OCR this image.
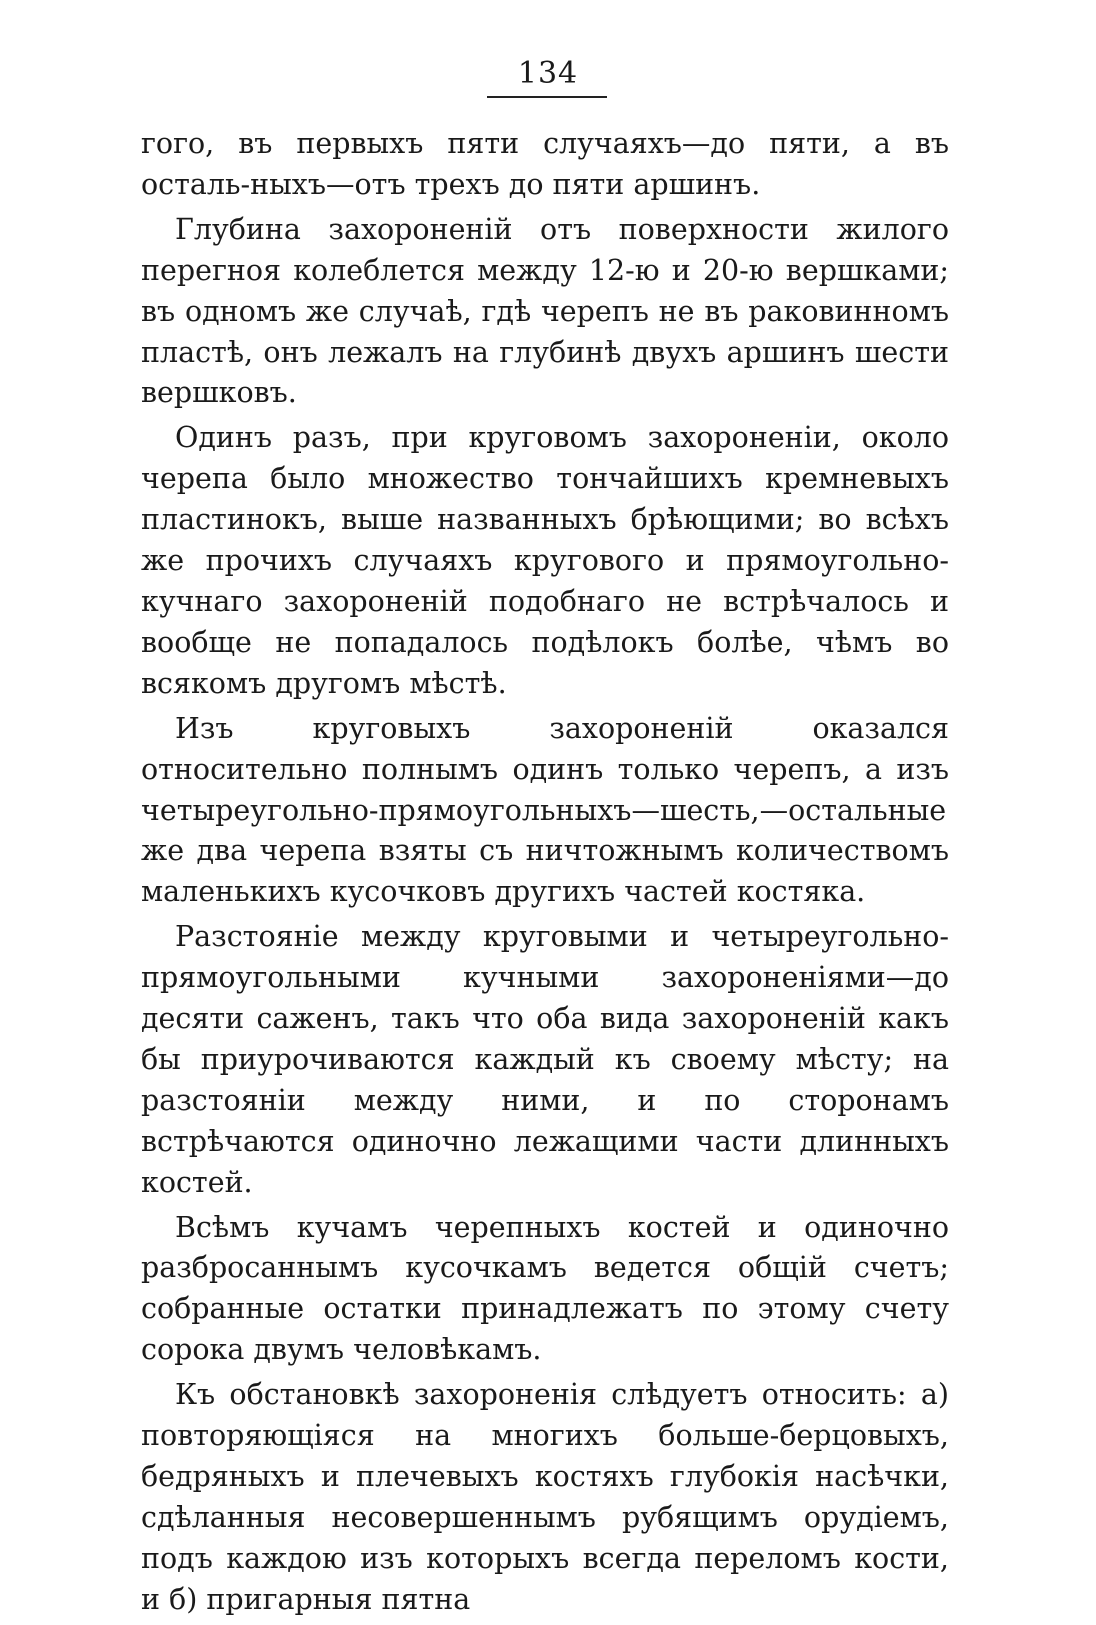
134

гого, въ первыхъ пяти случаяхъ—до пяти, а въ осталь-ныхъ—отъ трехъ до пяти аршинъ.

Глубина захороненій отъ поверхности жилого перегноя колеблется между 12-ю и 20-ю вершками; въ одномъ же случаѣ, гдѣ черепъ не въ раковинномъ пластѣ, онъ лежалъ на глубинѣ двухъ аршинъ шести вершковъ.

Одинъ разъ, при круговомъ захороненіи, около черепа было множество тончайшихъ кремневыхъ пластинокъ, выше названныхъ брѣющими; во всѣхъ же прочихъ случаяхъ кругового и прямоугольно-кучнаго захороненій подобнаго не встрѣчалось и вообще не попадалось подѣлокъ болѣе, чѣмъ во всякомъ другомъ мѣстѣ.

Изъ круговыхъ захороненій оказался относительно полнымъ одинъ только черепъ, а изъ четыреугольно-прямоугольныхъ—шесть,—остальные же два черепа взяты съ ничтожнымъ количествомъ маленькихъ кусочковъ другихъ частей костяка.

Разстояніе между круговыми и четыреугольно-прямоугольными кучными захороненіями—до десяти саженъ, такъ что оба вида захороненій какъ бы приурочиваются каждый къ своему мѣсту; на разстояніи между ними, и по сторонамъ встрѣчаются одиночно лежащими части длинныхъ костей.

Всѣмъ кучамъ черепныхъ костей и одиночно разбросаннымъ кусочкамъ ведется общій счетъ; собранные остатки принадлежатъ по этому счету сорока двумъ человѣкамъ.

Къ обстановкѣ захороненія слѣдуетъ относить: а) повторяющіяся на многихъ больше-берцовыхъ, бедряныхъ и плечевыхъ костяхъ глубокія насѣчки, сдѣланныя несовершеннымъ рубящимъ орудіемъ, подъ каждою изъ которыхъ всегда переломъ кости, и б) пригарныя пятна
